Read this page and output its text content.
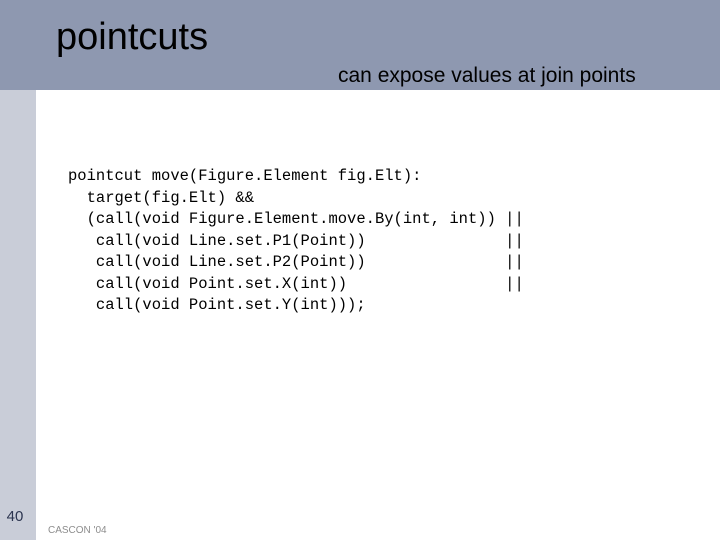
pointcuts
can expose values at join points
pointcut move(Figure.Element fig.Elt):
target(fig.Elt) &&
(call(void Figure.Element.move.By(int, int)) ||
call(void Line.set.P1(Point))               ||
call(void Line.set.P2(Point))               ||
call(void Point.set.X(int))                 ||
call(void Point.set.Y(int)));
40
CASCON '04
